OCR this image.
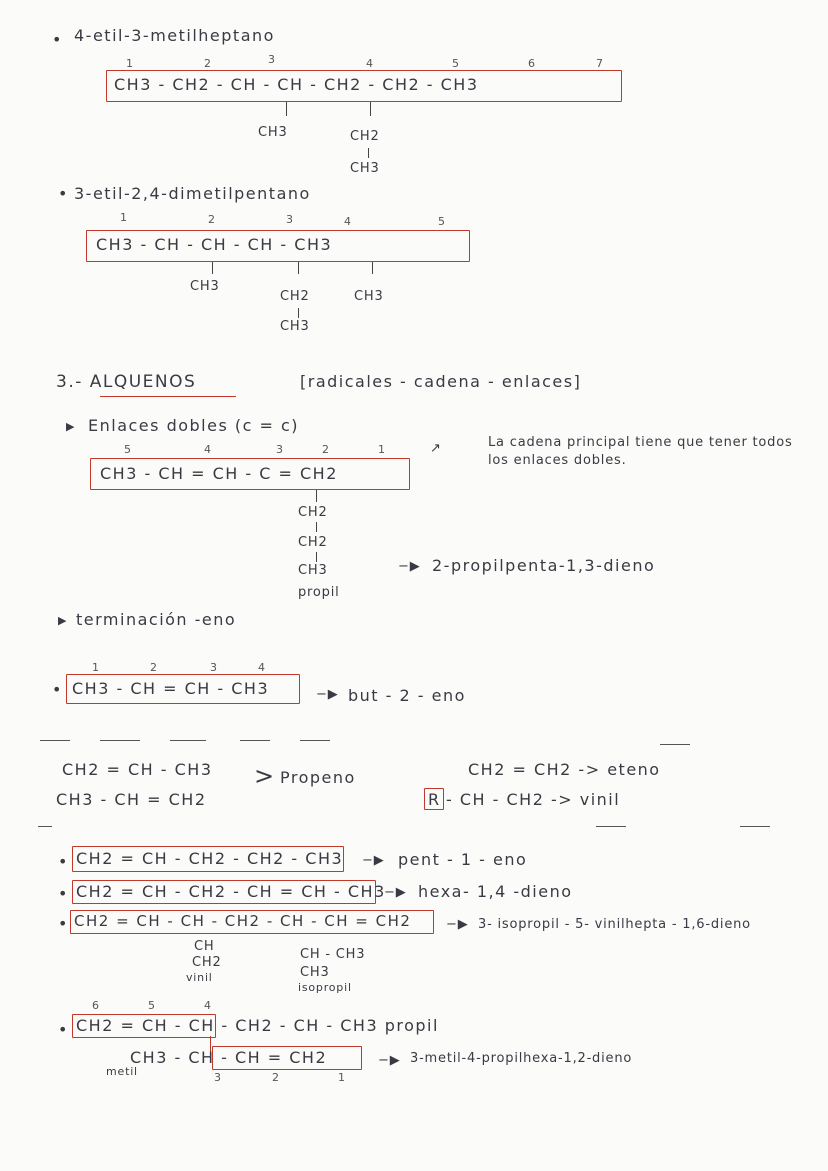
• 4-etil-3-metilheptano
1	2	3	4	5	6	7
CH3 - CH2 - CH - CH - CH2 - CH2 - CH3
CH3	CH2
CH3
• 3-etil-2,4-dimetilpentano
1	2	3	4	5
CH3 - CH - CH - CH - CH3
CH3
CH2	CH3
CH3
3.- ALQUENOS	[radicales - cadena - enlaces]
▶ Enlaces dobles (c = c)
5	4	3	2	1
CH3 - CH = CH - C = CH2
CH2
CH2
CH3
propil
↗	La cadena principal tiene que tener todos los enlaces dobles.
−▶ 2-propilpenta-1,3-dieno
▶ terminación -eno
1	2	3	4
• CH3 - CH = CH - CH3	−▶ but - 2 - eno
CH2 = CH - CH3
CH3 - CH = CH2
> Propeno	CH2 = CH2 -> eteno
R - CH - CH2 -> vinil
• CH2 = CH - CH2 - CH2 - CH3 −▶ pent - 1 - eno
• CH2 = CH - CH2 - CH = CH - CH3
−▶ hexa- 1,4 -dieno
• CH2 = CH - CH - CH2 - CH - CH = CH2	−▶ 3- isopropil - 5- vinilhepta - 1,6-dieno
CH
CH2
vinil
CH - CH3
CH3
isopropil
6	5	4
• CH2 = CH - CH - CH2 - CH - CH3 propil
CH3 - CH - CH = CH2
metil	3	2	1
−▶ 3-metil-4-propilhexa-1,2-dieno
